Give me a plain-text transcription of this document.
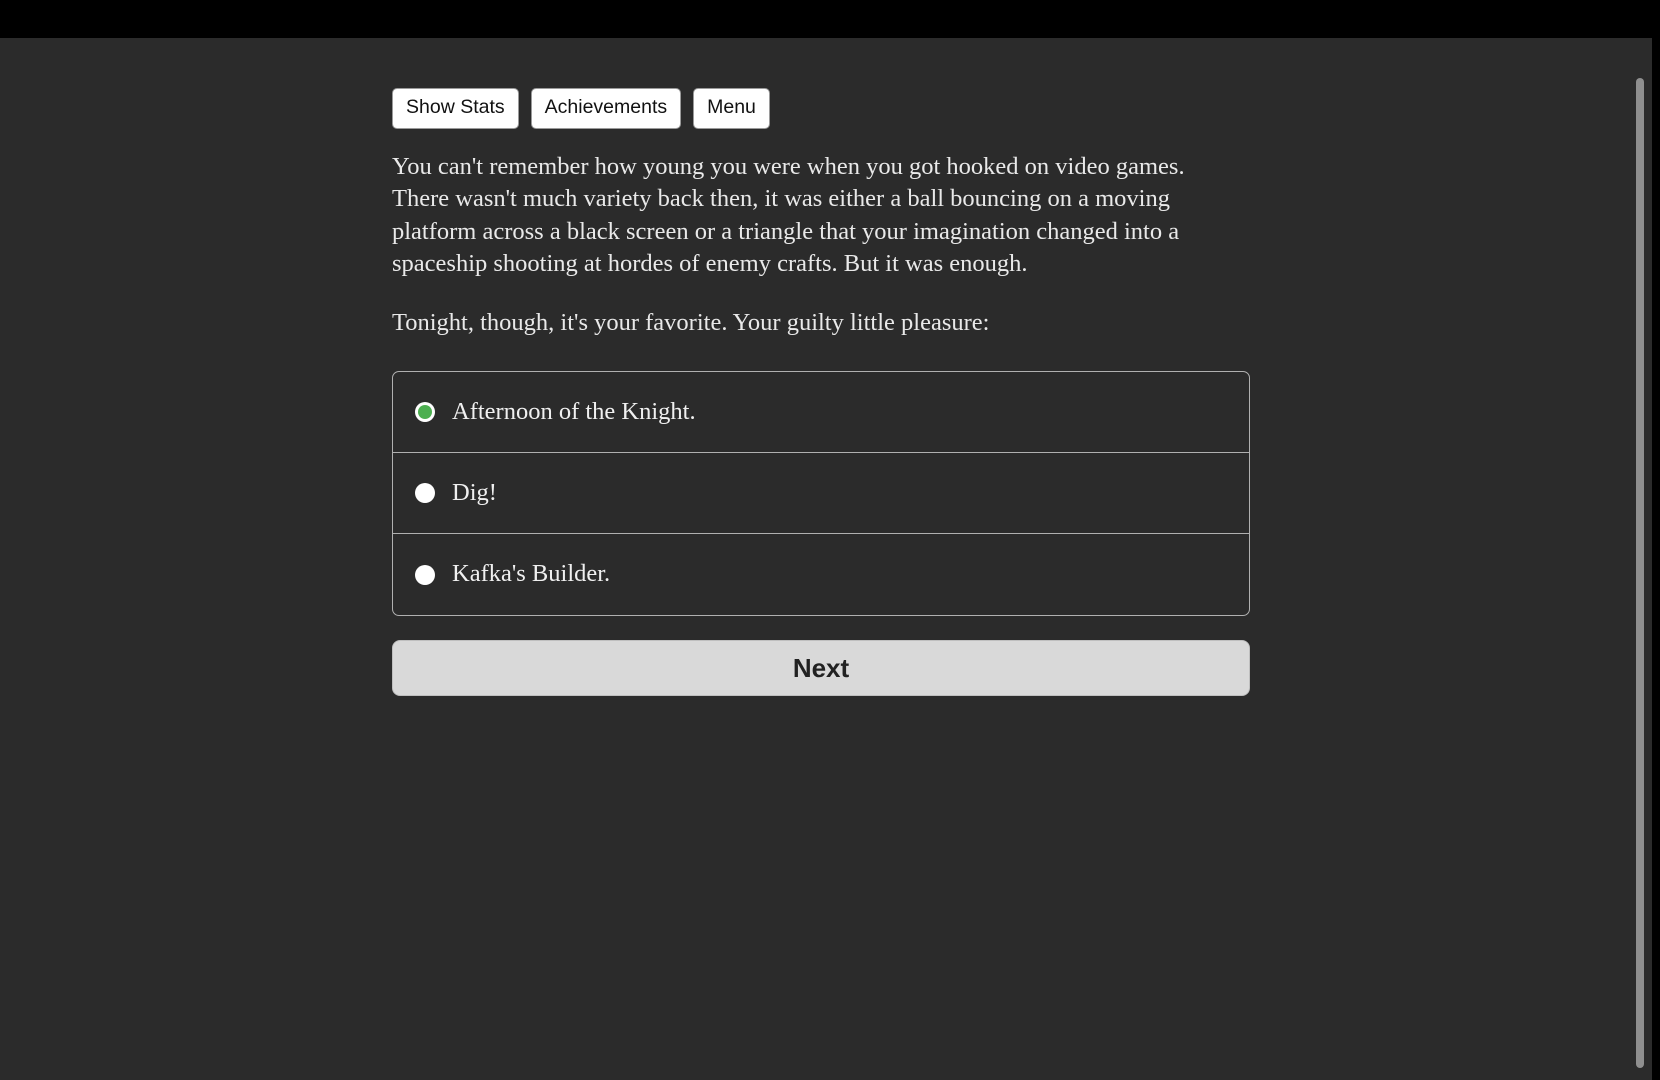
Show Stats	Achievements	Menu

You can't remember how young you were when you got hooked on video games. There wasn't much variety back then, it was either a ball bouncing on a moving platform across a black screen or a triangle that your imagination changed into a spaceship shooting at hordes of enemy crafts. But it was enough.

Tonight, though, it's your favorite. Your guilty little pleasure:

Afternoon of the Knight.
Dig!
Kafka's Builder.
Next
